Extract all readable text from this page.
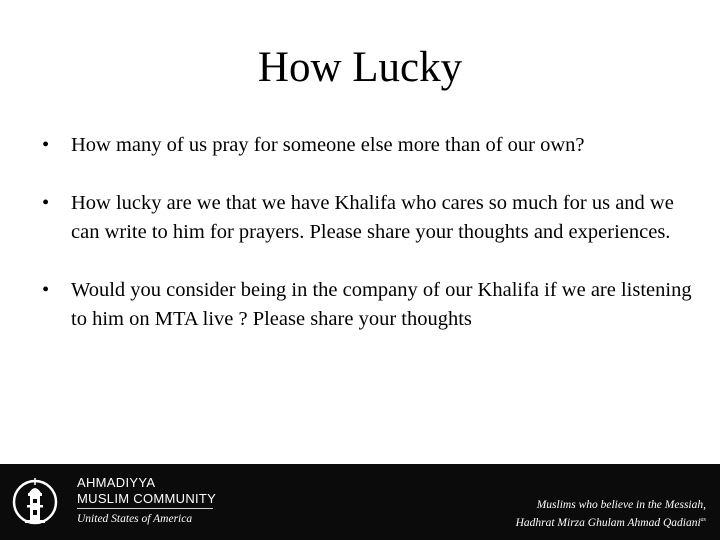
How Lucky
•	How many of us pray for someone else more than of our own?
•	How lucky are we that we have Khalifa who cares so much for us and we can write to him for prayers. Please share your thoughts and experiences.
•	Would you consider being in the company of our Khalifa if we are listening to him on MTA live ? Please share your thoughts
AHMADIYYA
MUSLIM COMMUNITY
United States of America
Muslims who believe in the Messiah,
Hadhrat Mirza Ghulam Ahmad Qadiani$^{as}$
